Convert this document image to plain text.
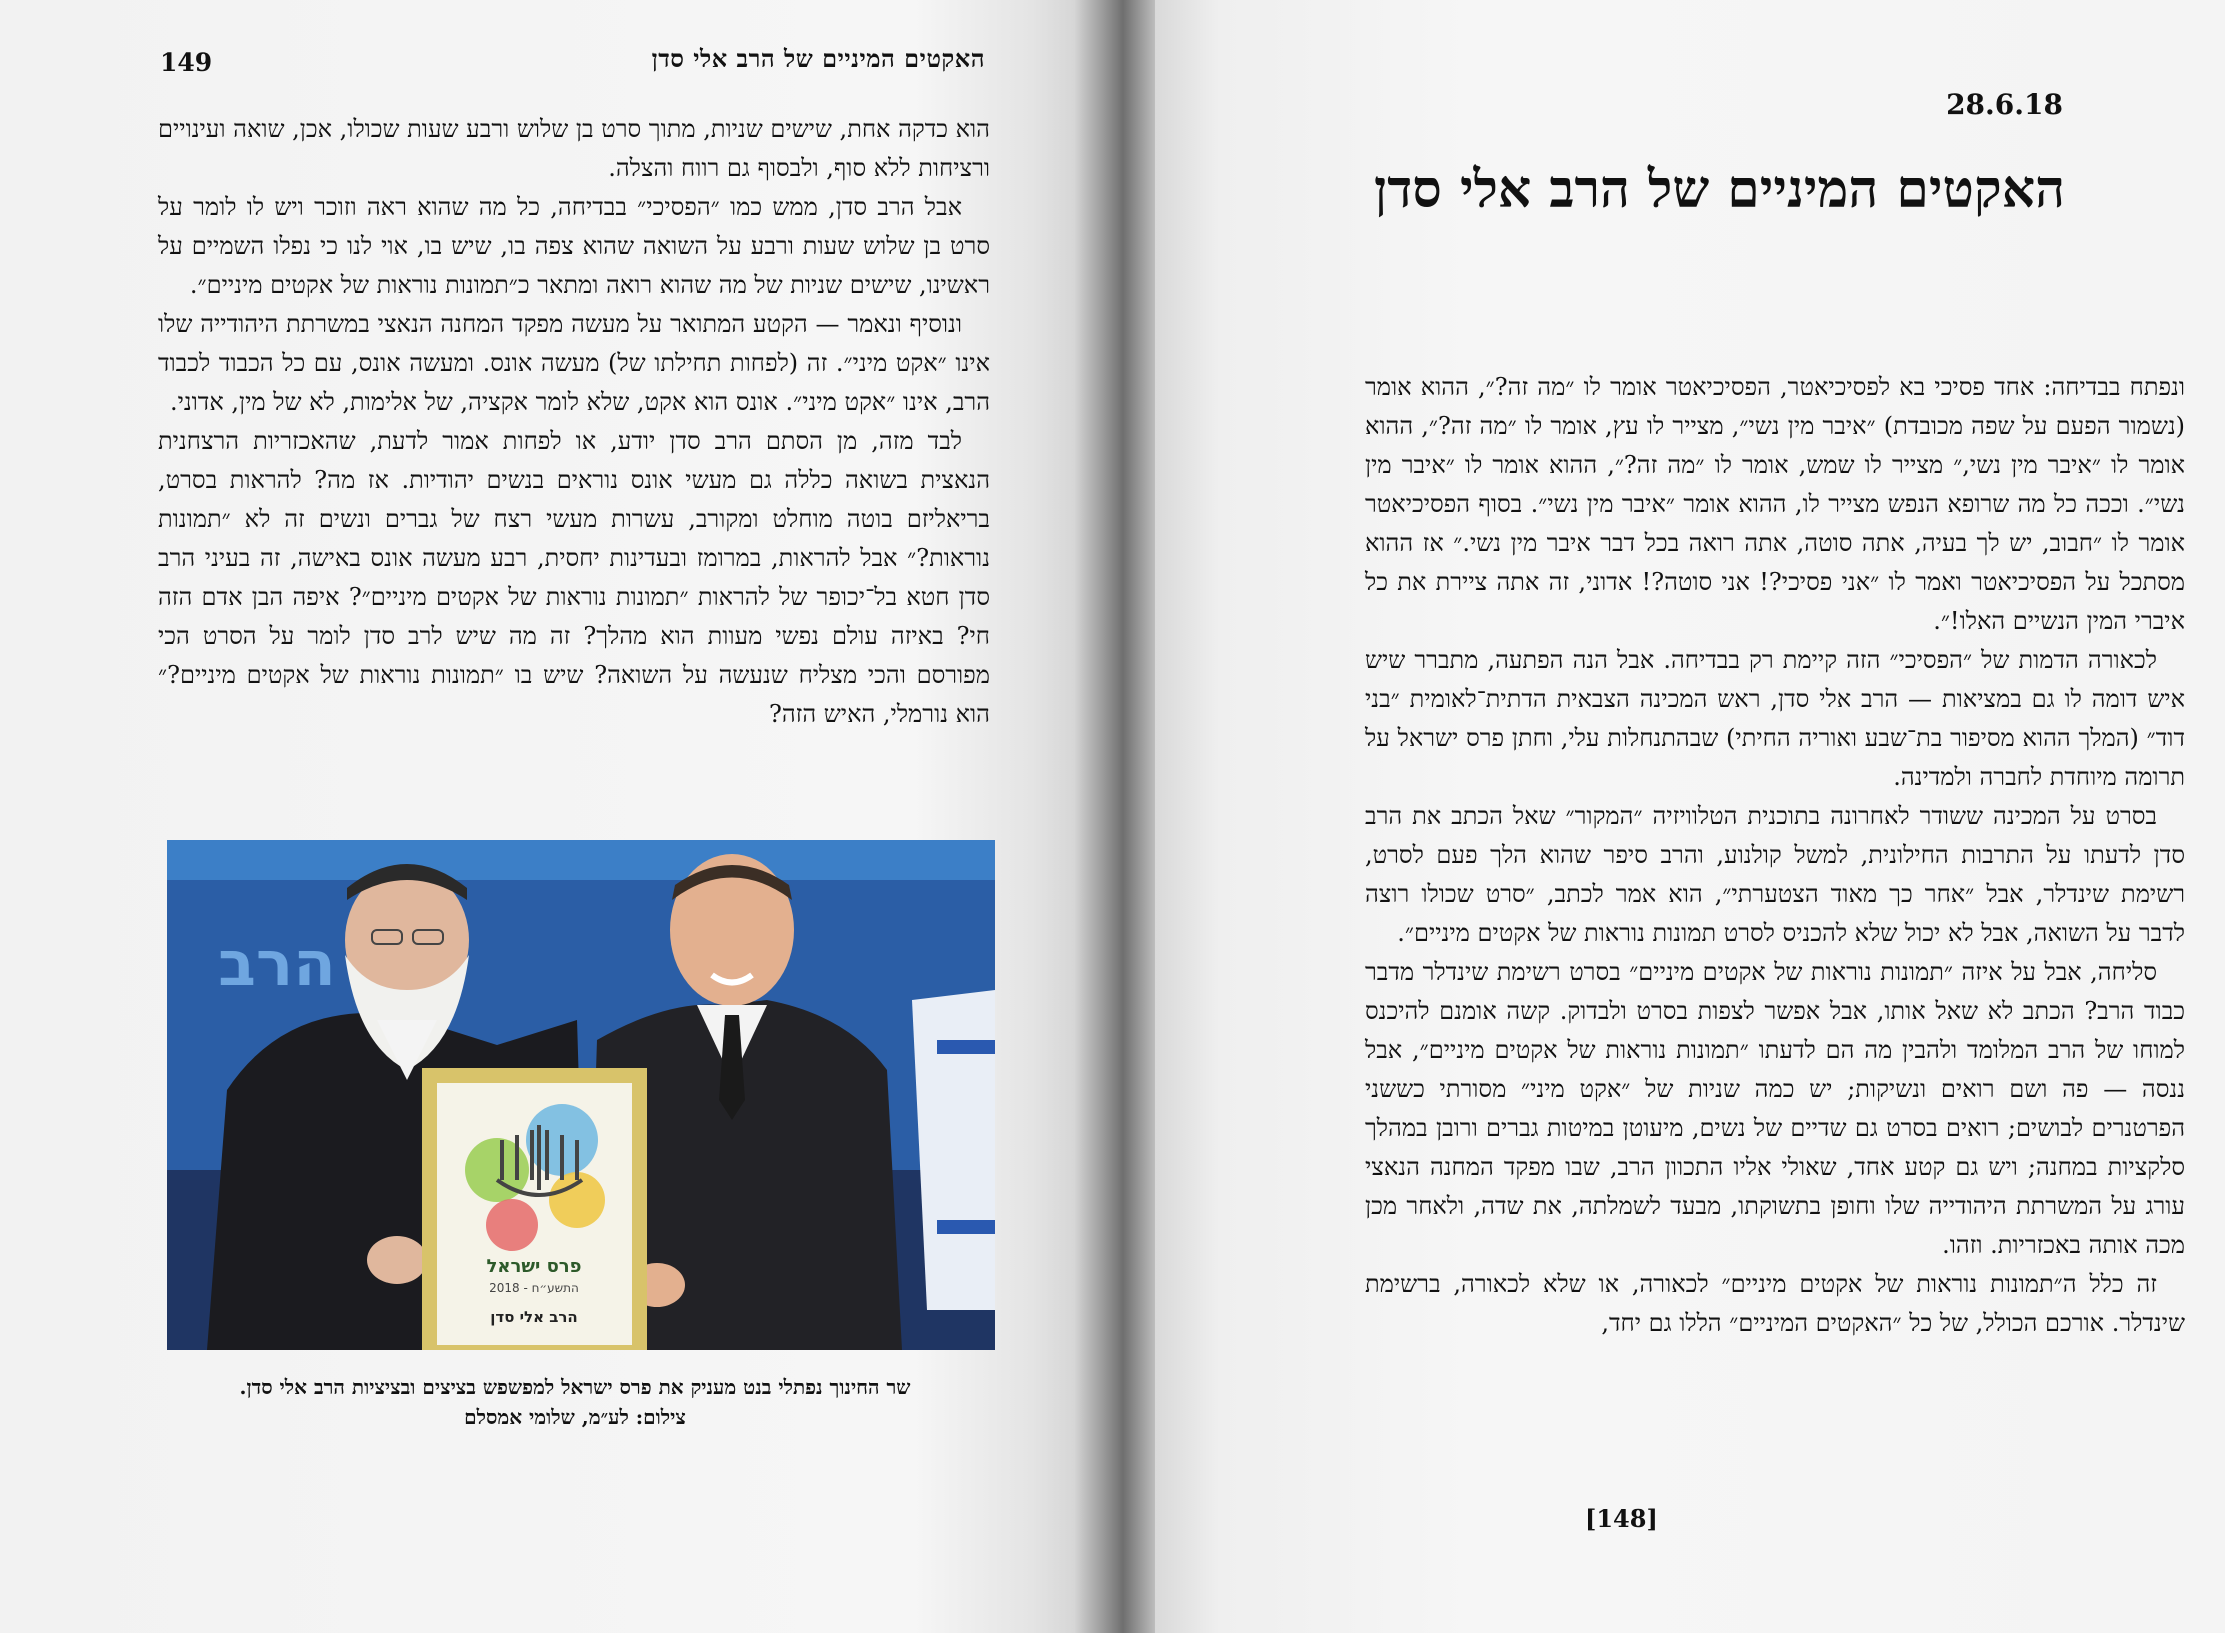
149	האקטים המיניים של הרב אלי סדן

הוא כדקה אחת, שישים שניות, מתוך סרט בן שלוש ורבע שעות שכולו, אכן, שואה ועינויים ורציחות ללא סוף, ולבסוף גם רווח והצלה.

אבל הרב סדן, ממש כמו ״הפסיכי״ בבדיחה, כל מה שהוא ראה וזוכר ויש לו לומר על סרט בן שלוש שעות ורבע על השואה שהוא צפה בו, שיש בו, אוי לנו כי נפלו השמיים על ראשינו, שישים שניות של מה שהוא רואה ומתאר כ״תמונות נוראות של אקטים מיניים״.

ונוסיף ונאמר — הקטע המתואר על מעשה מפקד המחנה הנאצי במשרתת היהודייה שלו אינו ״אקט מיני״. זה (לפחות תחילתו של) מעשה אונס. ומעשה אונס, עם כל הכבוד לכבוד הרב, אינו ״אקט מיני״. אונס הוא אקט, שלא לומר אקציה, של אלימות, לא של מין, אדוני.

לבד מזה, מן הסתם הרב סדן יודע, או לפחות אמור לדעת, שהאכזריות הרצחנית הנאצית בשואה כללה גם מעשי אונס נוראים בנשים יהודיות. אז מה? להראות בסרט, בריאליזם בוטה מוחלט ומקורב, עשרות מעשי רצח של גברים ונשים זה לא ״תמונות נוראות?״ אבל להראות, במרומז ובעדינות יחסית, רבע מעשה אונס באישה, זה בעיני הרב סדן חטא בל־יכופר של להראות ״תמונות נוראות של אקטים מיניים״? איפה הבן אדם הזה חי? באיזה עולם נפשי מעוות הוא מהלך? זה מה שיש לרב סדן לומר על הסרט הכי מפורסם והכי מצליח שנעשה על השואה? שיש בו ״תמונות נוראות של אקטים מיניים?״ הוא נורמלי, האיש הזה?

הרב
פרס ישראל
התשע״ח - 2018
הרב אלי סדן
שר החינוך נפתלי בנט מעניק את פרס ישראל למפשפש בציצים ובציציות הרב אלי סדן.
צילום: לע״מ, שלומי אמסלם
28.6.18
האקטים המיניים של הרב אלי סדן

ונפתח בבדיחה: אחד פסיכי בא לפסיכיאטר, הפסיכיאטר אומר לו ״מה זה?״, ההוא אומר (נשמור הפעם על שפה מכובדת) ״איבר מין נשי״, מצייר לו עץ, אומר לו ״מה זה?״, ההוא אומר לו ״איבר מין נשי,״ מצייר לו שמש, אומר לו ״מה זה?״, ההוא אומר לו ״איבר מין נשי״. וככה כל מה שרופא הנפש מצייר לו, ההוא אומר ״איבר מין נשי״. בסוף הפסיכיאטר אומר לו ״חבוב, יש לך בעיה, אתה סוטה, אתה רואה בכל דבר איבר מין נשי.״ אז ההוא מסתכל על הפסיכיאטר ואמר לו ״אני פסיכי?! אני סוטה?! אדוני, זה אתה ציירת את כל איברי המין הנשיים האלו!״.

לכאורה הדמות של ״הפסיכי״ הזה קיימת רק בבדיחה. אבל הנה הפתעה, מתברר שיש איש דומה לו גם במציאות — הרב אלי סדן, ראש המכינה הצבאית הדתית־לאומית ״בני דוד״ (המלך ההוא מסיפור בת־שבע ואוריה החיתי) שבהתנחלות עלי, וחתן פרס ישראל על תרומה מיוחדת לחברה ולמדינה.

בסרט על המכינה ששודר לאחרונה בתוכנית הטלוויזיה ״המקור״ שאל הכתב את הרב סדן לדעתו על התרבות החילונית, למשל קולנוע, והרב סיפר שהוא הלך פעם לסרט, רשימת שינדלר, אבל ״אחר כך מאוד הצטערתי״, הוא אמר לכתב, ״סרט שכולו רוצה לדבר על השואה, אבל לא יכול שלא להכניס לסרט תמונות נוראות של אקטים מיניים״.

סליחה, אבל על איזה ״תמונות נוראות של אקטים מיניים״ בסרט רשימת שינדלר מדבר כבוד הרב? הכתב לא שאל אותו, אבל אפשר לצפות בסרט ולבדוק. קשה אומנם להיכנס למוחו של הרב המלומד ולהבין מה הם לדעתו ״תמונות נוראות של אקטים מיניים״, אבל ננסה — פה ושם רואים ונשיקות; יש כמה שניות של ״אקט מיני״ מסורתי כששני הפרטנרים לבושים; רואים בסרט גם שדיים של נשים, מיעוטן במיטות גברים ורובן במהלך סלקציות במחנה; ויש גם קטע אחד, שאולי אליו התכוון הרב, שבו מפקד המחנה הנאצי עורג על המשרתת היהודייה שלו וחופן בתשוקתו, מבעד לשמלתה, את שדה, ולאחר מכן מכה אותה באכזריות. וזהו.

זה כלל ה״תמונות נוראות של אקטים מיניים״ לכאורה, או שלא לכאורה, ברשימת שינדלר. אורכם הכולל, של כל ״האקטים המיניים״ הללו גם יחד,

[148]
